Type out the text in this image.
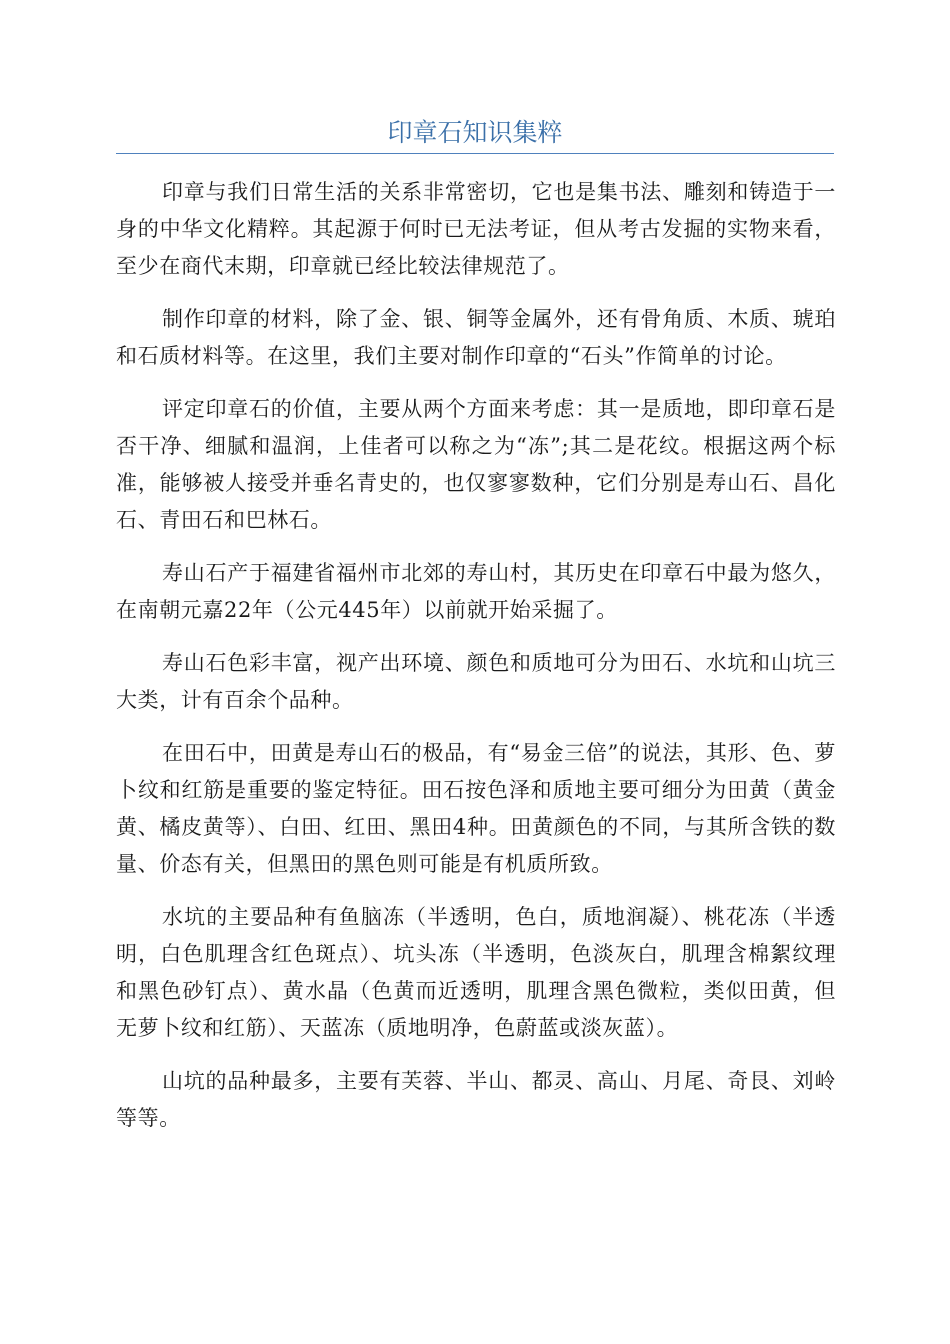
印章石知识集粹

印章与我们日常生活的关系非常密切，它也是集书法、雕刻和铸造于一身的中华文化精粹。其起源于何时已无法考证，但从考古发掘的实物来看，至少在商代末期，印章就已经比较法律规范了。

制作印章的材料，除了金、银、铜等金属外，还有骨角质、木质、琥珀和石质材料等。在这里，我们主要对制作印章的“石头”作简单的讨论。

评定印章石的价值，主要从两个方面来考虑：其一是质地，即印章石是否干净、细腻和温润，上佳者可以称之为“冻”;其二是花纹。根据这两个标准，能够被人接受并垂名青史的，也仅寥寥数种，它们分别是寿山石、昌化石、青田石和巴林石。

寿山石产于福建省福州市北郊的寿山村，其历史在印章石中最为悠久，在南朝元嘉22年（公元445年）以前就开始采掘了。

寿山石色彩丰富，视产出环境、颜色和质地可分为田石、水坑和山坑三大类，计有百余个品种。

在田石中，田黄是寿山石的极品，有“易金三倍”的说法，其形、色、萝卜纹和红筋是重要的鉴定特征。田石按色泽和质地主要可细分为田黄（黄金黄、橘皮黄等）、白田、红田、黑田4种。田黄颜色的不同，与其所含铁的数量、价态有关，但黑田的黑色则可能是有机质所致。

水坑的主要品种有鱼脑冻（半透明，色白，质地润凝）、桃花冻（半透明，白色肌理含红色斑点）、坑头冻（半透明，色淡灰白，肌理含棉絮纹理和黑色砂钉点）、黄水晶（色黄而近透明，肌理含黑色微粒，类似田黄，但无萝卜纹和红筋）、天蓝冻（质地明净，色蔚蓝或淡灰蓝）。

山坑的品种最多，主要有芙蓉、半山、都灵、高山、月尾、奇艮、刘岭等等。
